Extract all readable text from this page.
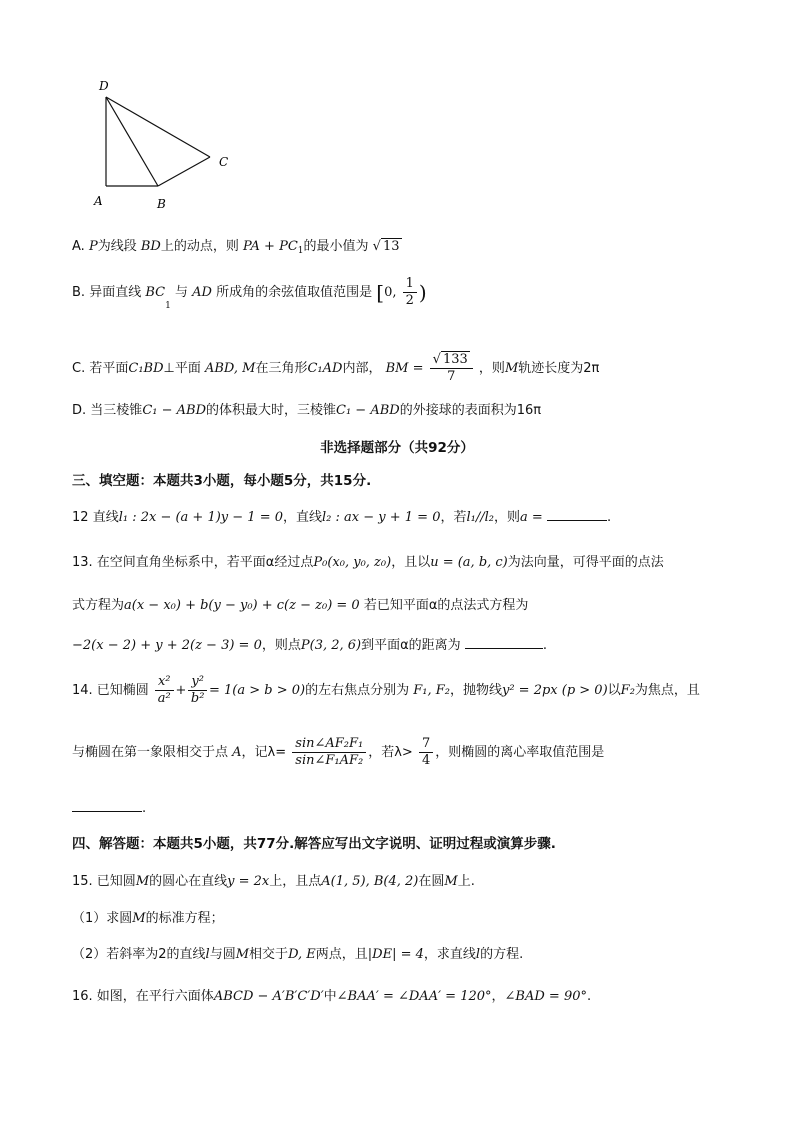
D
A	B
C
A. P为线段 BD上的动点，则 PA + $PC_1$的最小值为 √ 13
B. 异面直线 $BC_1$ 与 AD 所成角的余弦值取值范围是 [0, $\frac{1}{2}$ )
C. 若平面C₁BD⊥平面 ABD, M在三角形C₁AD内部， BM = $\frac{√ 133}{7}$ ，则M轨迹长度为2π
D. 当三棱锥C₁ − ABD的体积最大时，三棱锥C₁ − ABD的外接球的表面积为16π
非选择题部分（共92分）
三、填空题：本题共3小题，每小题5分，共15分.
12 直线l₁ : 2x − (a + 1)y − 1 = 0，直线l₂ : ax − y + 1 = 0，若l₁//l₂，则a =	.
13. 在空间直角坐标系中，若平面α经过点P₀(x₀, y₀, z₀)，且以u = (a, b, c)为法向量，可得平面的点法
式方程为a(x − x₀) + b(y − y₀) + c(z − z₀) = 0 若已知平面α的点法式方程为
−2(x − 2) + y + 2(z − 3) = 0，则点P(3, 2, 6)到平面α的距离为	.
14. 已知椭圆 $\frac{\text{x²}}{\text{a²}} + \frac{\text{y²}}{\text{b²}} = 1(a > b > 0)$的左右焦点分别为 F₁, F₂，抛物线y² = 2px (p > 0)以F₂为焦点，且
与椭圆在第一象限相交于点 A，记$\lambda= \frac{\text{sin∠AF₂F₁}}{\text{sin∠F₁AF₂}}$ ，若$\lambda> \frac{7}{4}$ ，则椭圆的离心率取值范围是
.
四、解答题：本题共5小题，共77分.解答应写出文字说明、证明过程或演算步骤.
15. 已知圆M的圆心在直线y = 2x上，且点A(1, 5), B(4, 2)在圆M上.
（1）求圆M的标准方程；
（2）若斜率为2的直线l与圆M相交于D, E两点，且|DE| = 4，求直线l的方程.
16. 如图，在平行六面体ABCD − A′B′C′D′中∠BAA′ = ∠DAA′ = 120°，∠BAD = 90°.
